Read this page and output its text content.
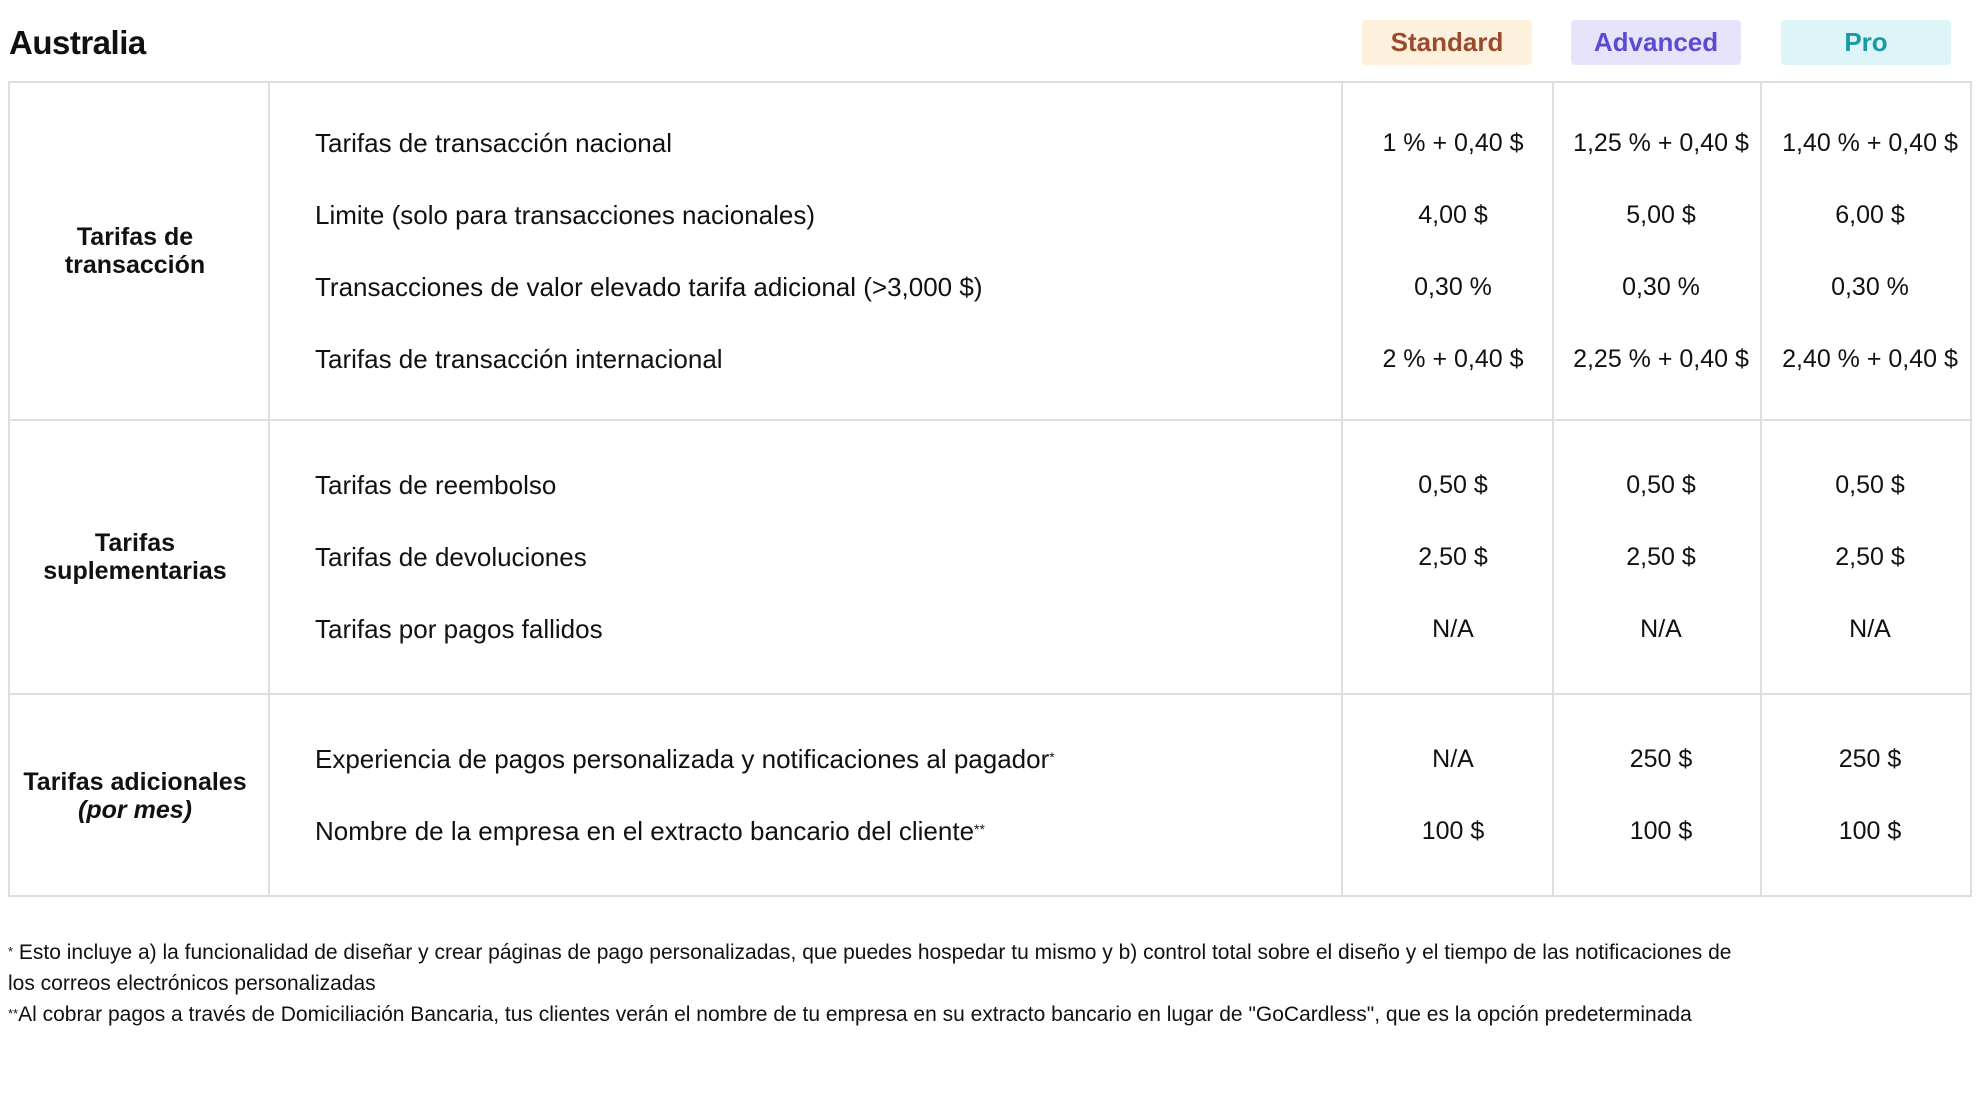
Australia	Standard	Advanced	Pro
Tarifas de
transacción
Tarifas de transacción nacional	1 % + 0,40 $	1,25 % + 0,40 $	1,40 % + 0,40 $
Limite (solo para transacciones nacionales)	4,00 $	5,00 $	6,00 $
Transacciones de valor elevado tarifa adicional (>3,000 $)	0,30 %	0,30 %	0,30 %
Tarifas de transacción internacional	2 % + 0,40 $	2,25 % + 0,40 $	2,40 % + 0,40 $
Tarifas
suplementarias
Tarifas de reembolso	0,50 $	0,50 $	0,50 $
Tarifas de devoluciones	2,50 $	2,50 $	2,50 $
Tarifas por pagos fallidos	N/A	N/A	N/A
Tarifas adicionales
(por mes)
Experiencia de pagos personalizada y notificaciones al pagador*	N/A	250 $	250 $
Nombre de la empresa en el extracto bancario del cliente**	100 $	100 $	100 $
* Esto incluye a) la funcionalidad de diseñar y crear páginas de pago personalizadas, que puedes hospedar tu mismo y b) control total sobre el diseño y el tiempo de las notificaciones de los correos electrónicos personalizadas
**Al cobrar pagos a través de Domiciliación Bancaria, tus clientes verán el nombre de tu empresa en su extracto bancario en lugar de "GoCardless", que es la opción predeterminada
